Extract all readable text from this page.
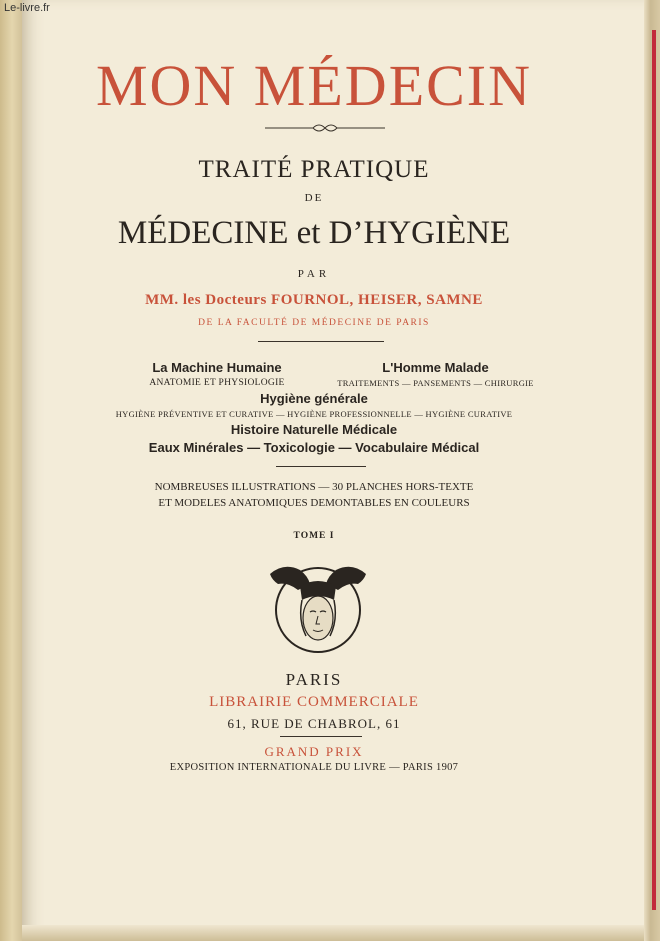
Le-livre.fr
MON MÉDECIN
TRAITÉ PRATIQUE
DE
MÉDECINE et D’HYGIÈNE
PAR
MM. les Docteurs FOURNOL, HEISER, SAMNE
DE LA FACULTÉ DE MÉDECINE DE PARIS
La Machine Humaine
ANATOMIE ET PHYSIOLOGIE
L'Homme Malade
TRAITEMENTS — PANSEMENTS — CHIRURGIE
Hygiène générale
HYGIÈNE PRÉVENTIVE ET CURATIVE — HYGIÈNE PROFESSIONNELLE — HYGIÈNE CURATIVE
Histoire Naturelle Médicale
Eaux Minérales — Toxicologie — Vocabulaire Médical
NOMBREUSES ILLUSTRATIONS — 30 PLANCHES HORS-TEXTE
ET MODELES ANATOMIQUES DEMONTABLES EN COULEURS
TOME I
PARIS
LIBRAIRIE COMMERCIALE
61, RUE DE CHABROL, 61
GRAND PRIX
EXPOSITION INTERNATIONALE DU LIVRE — PARIS 1907
